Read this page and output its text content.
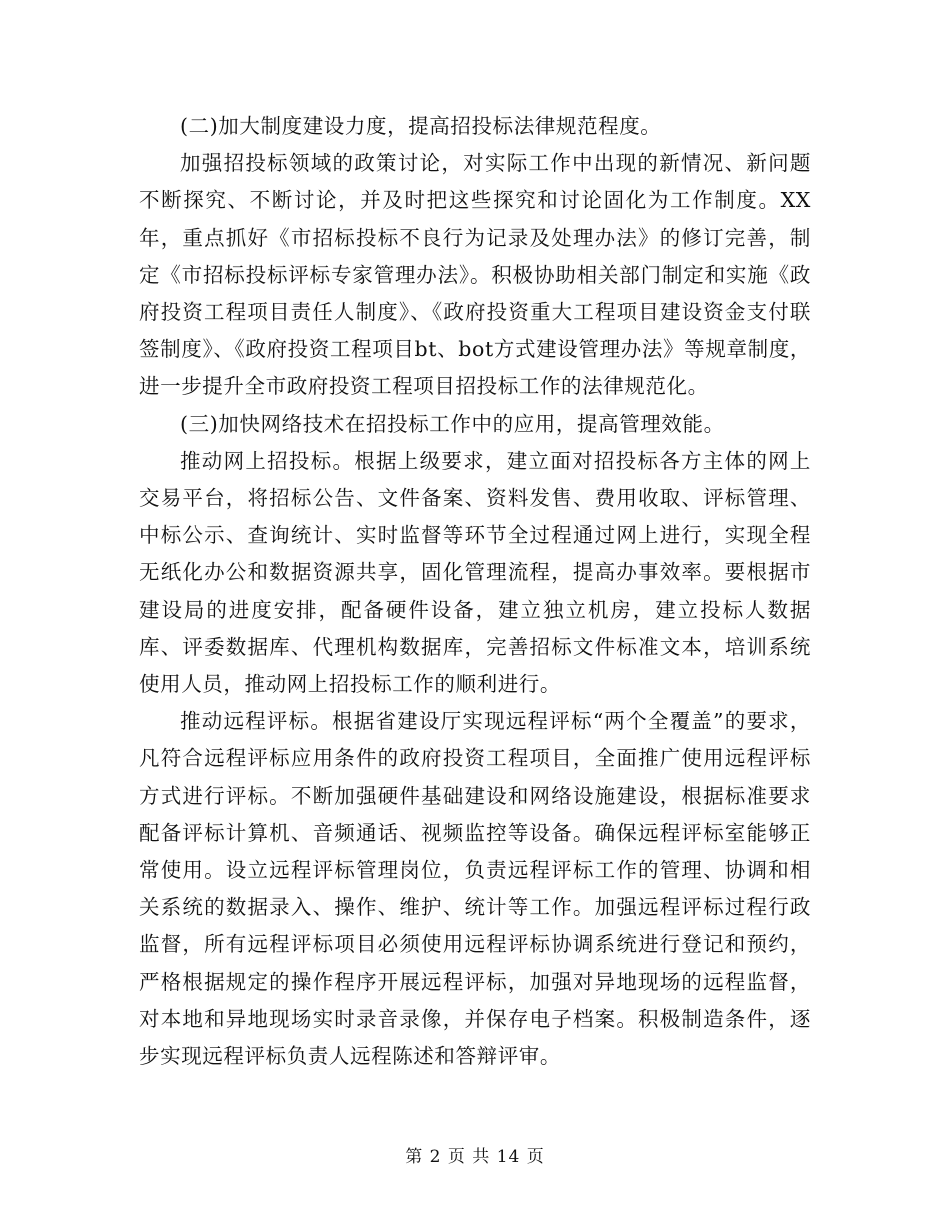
(二)加大制度建设力度，提高招投标法律规范程度。

加强招投标领域的政策讨论，对实际工作中出现的新情况、新问题不断探究、不断讨论，并及时把这些探究和讨论固化为工作制度。XX年，重点抓好《市招标投标不良行为记录及处理办法》的修订完善，制定《市招标投标评标专家管理办法》。积极协助相关部门制定和实施《政府投资工程项目责任人制度》、《政府投资重大工程项目建设资金支付联签制度》、《政府投资工程项目bt、bot方式建设管理办法》等规章制度，进一步提升全市政府投资工程项目招投标工作的法律规范化。

(三)加快网络技术在招投标工作中的应用，提高管理效能。

推动网上招投标。根据上级要求，建立面对招投标各方主体的网上交易平台，将招标公告、文件备案、资料发售、费用收取、评标管理、中标公示、查询统计、实时监督等环节全过程通过网上进行，实现全程无纸化办公和数据资源共享，固化管理流程，提高办事效率。要根据市建设局的进度安排，配备硬件设备，建立独立机房，建立投标人数据库、评委数据库、代理机构数据库，完善招标文件标准文本，培训系统使用人员，推动网上招投标工作的顺利进行。

推动远程评标。根据省建设厅实现远程评标“两个全覆盖”的要求，凡符合远程评标应用条件的政府投资工程项目，全面推广使用远程评标方式进行评标。不断加强硬件基础建设和网络设施建设，根据标准要求配备评标计算机、音频通话、视频监控等设备。确保远程评标室能够正常使用。设立远程评标管理岗位，负责远程评标工作的管理、协调和相关系统的数据录入、操作、维护、统计等工作。加强远程评标过程行政监督，所有远程评标项目必须使用远程评标协调系统进行登记和预约，严格根据规定的操作程序开展远程评标，加强对异地现场的远程监督，对本地和异地现场实时录音录像，并保存电子档案。积极制造条件，逐步实现远程评标负责人远程陈述和答辩评审。

第 2 页 共 14 页
